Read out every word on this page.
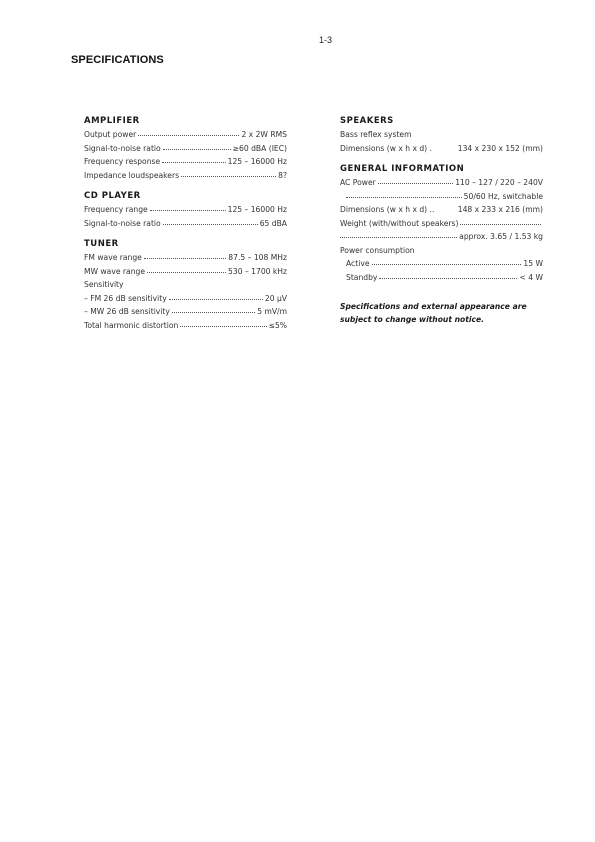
1-3
SPECIFICATIONS
AMPLIFIER
Output power	2 x 2W RMS
Signal-to-noise ratio	≥60 dBA (IEC)
Frequency response	125 – 16000 Hz
Impedance loudspeakers	8?
CD PLAYER
Frequency range	125 – 16000 Hz
Signal-to-noise ratio	65 dBA
TUNER
FM wave range	87.5 – 108 MHz
MW wave range	530 – 1700 kHz
Sensitivity
– FM 26 dB sensitivity	20 µV
– MW 26 dB sensitivity	5 mV/m
Total harmonic distortion	≤5%
SPEAKERS
Bass reflex system
Dimensions (w x h x d) .	134 x 230 x 152 (mm)
GENERAL INFORMATION
AC Power	110 – 127 / 220 – 240V
50/60 Hz, switchable
Dimensions (w x h x d) ..	148 x 233 x 216 (mm)
Weight (with/without speakers)
approx. 3.65 / 1.53 kg
Power consumption
Active	15 W
Standby	< 4 W
Specifications and external appearance are subject to change without notice.
